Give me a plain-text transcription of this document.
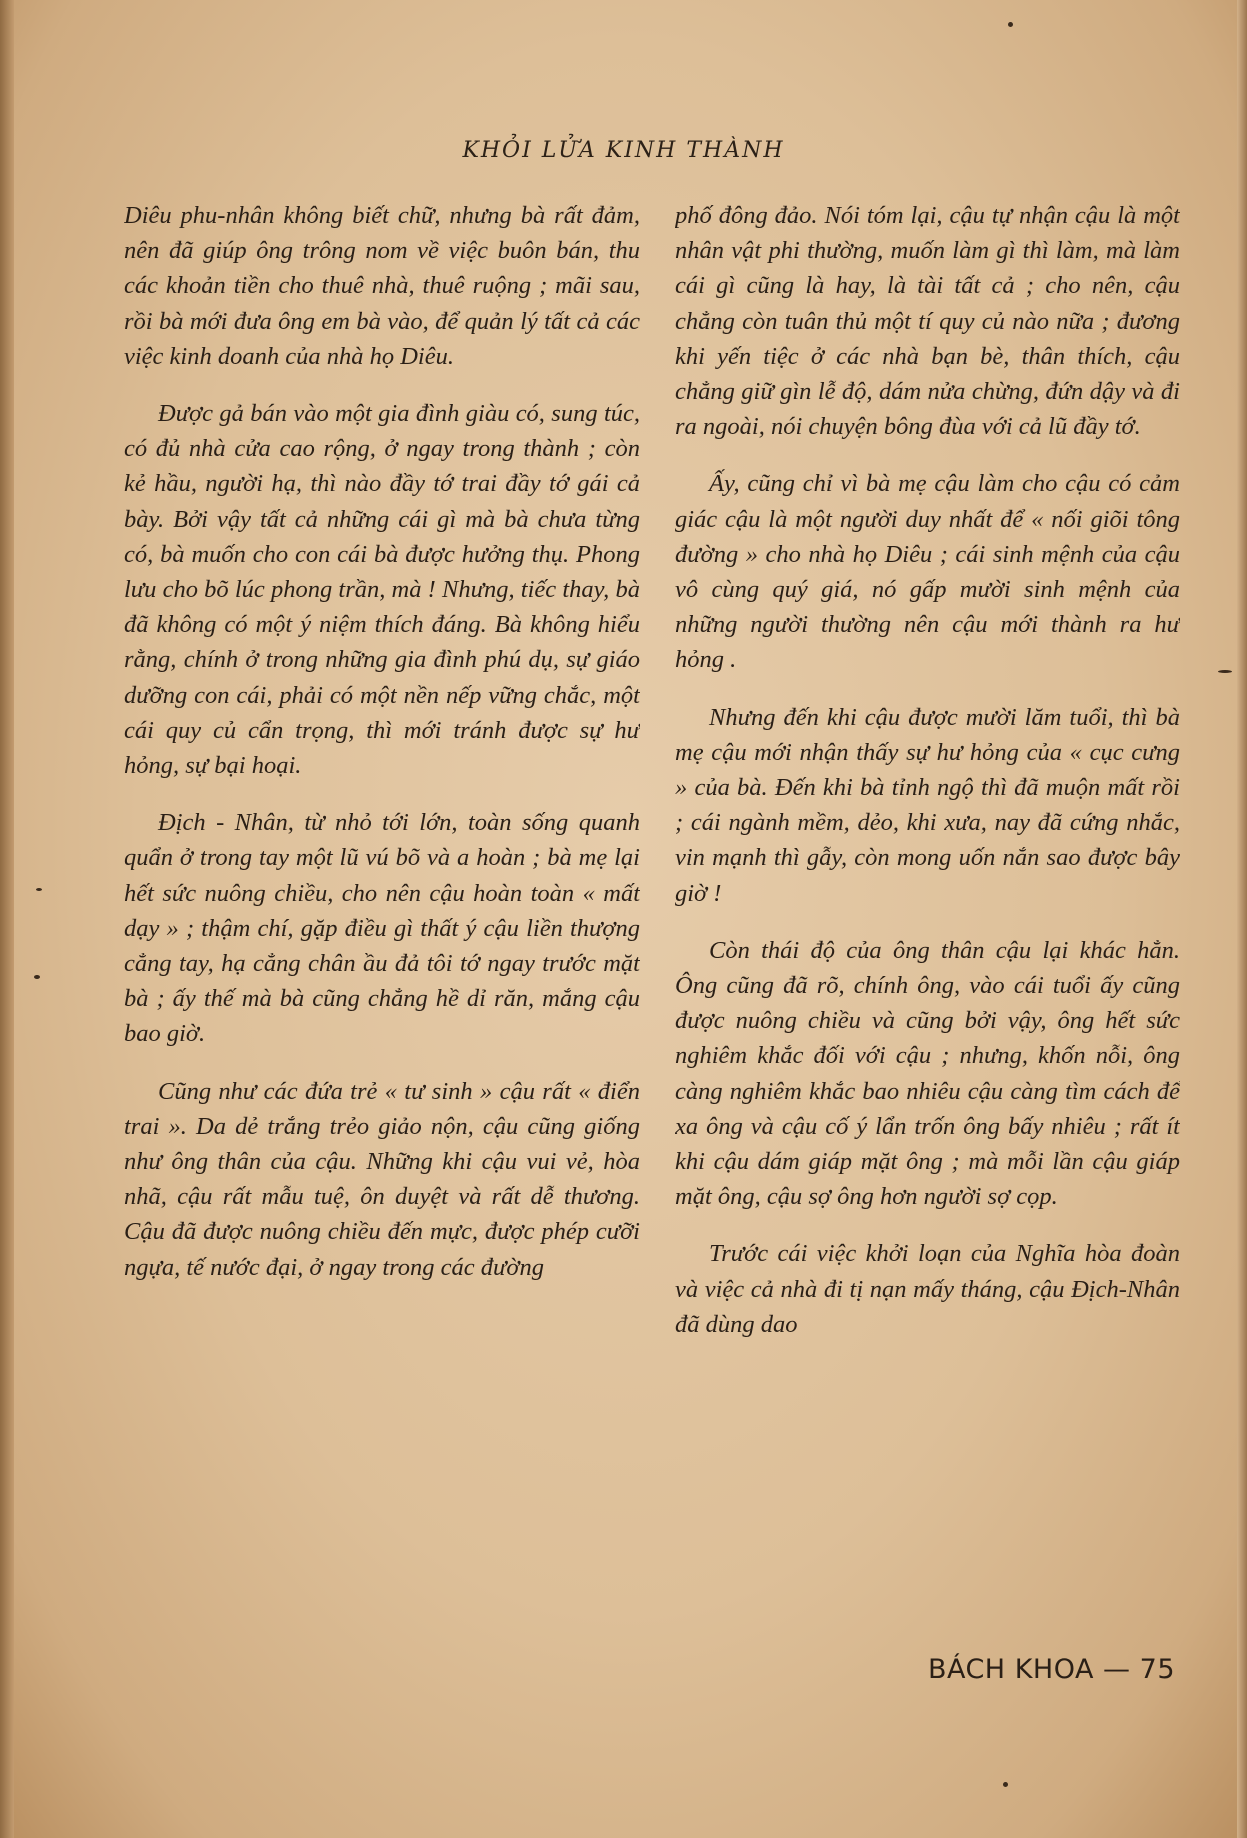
KHỎI LỬA KINH THÀNH

Diêu phu-nhân không biết chữ, nhưng bà rất đảm, nên đã giúp ông trông nom về việc buôn bán, thu các khoản tiền cho thuê nhà, thuê ruộng ; mãi sau, rồi bà mới đưa ông em bà vào, để quản lý tất cả các việc kinh doanh của nhà họ Diêu.

Được gả bán vào một gia đình giàu có, sung túc, có đủ nhà cửa cao rộng, ở ngay trong thành ; còn kẻ hầu, người hạ, thì nào đầy tớ trai đầy tớ gái cả bày. Bởi vậy tất cả những cái gì mà bà chưa từng có, bà muốn cho con cái bà được hưởng thụ. Phong lưu cho bõ lúc phong trần, mà ! Nhưng, tiếc thay, bà đã không có một ý niệm thích đáng. Bà không hiểu rằng, chính ở trong những gia đình phú dụ, sự giáo dưỡng con cái, phải có một nền nếp vững chắc, một cái quy củ cẩn trọng, thì mới tránh được sự hư hỏng, sự bại hoại.

Địch - Nhân, từ nhỏ tới lớn, toàn sống quanh quẩn ở trong tay một lũ vú bõ và a hoàn ; bà mẹ lại hết sức nuông chiều, cho nên cậu hoàn toàn « mất dạy » ; thậm chí, gặp điều gì thất ý cậu liền thượng cẳng tay, hạ cẳng chân ầu đả tôi tớ ngay trước mặt bà ; ấy thế mà bà cũng chẳng hề dỉ răn, mắng cậu bao giờ.

Cũng như các đứa trẻ « tư sinh » cậu rất « điển trai ». Da dẻ trắng trẻo giảo nộn, cậu cũng giống như ông thân của cậu. Những khi cậu vui vẻ, hòa nhã, cậu rất mẫu tuệ, ôn duyệt và rất dễ thương. Cậu đã được nuông chiều đến mực, được phép cưỡi ngựa, tế nước đại, ở ngay trong các đường

phố đông đảo. Nói tóm lại, cậu tự nhận cậu là một nhân vật phi thường, muốn làm gì thì làm, mà làm cái gì cũng là hay, là tài tất cả ; cho nên, cậu chẳng còn tuân thủ một tí quy củ nào nữa ; đương khi yến tiệc ở các nhà bạn bè, thân thích, cậu chẳng giữ gìn lễ độ, dám nửa chừng, đứn dậy và đi ra ngoài, nói chuyện bông đùa với cả lũ đầy tớ.

Ấy, cũng chỉ vì bà mẹ cậu làm cho cậu có cảm giác cậu là một người duy nhất để « nối giõi tông đường » cho nhà họ Diêu ; cái sinh mệnh của cậu vô cùng quý giá, nó gấp mười sinh mệnh của những người thường nên cậu mới thành ra hư hỏng .

Nhưng đến khi cậu được mười lăm tuổi, thì bà mẹ cậu mới nhận thấy sự hư hỏng của « cục cưng » của bà. Đến khi bà tỉnh ngộ thì đã muộn mất rồi ; cái ngành mềm, dẻo, khi xưa, nay đã cứng nhắc, vin mạnh thì gẫy, còn mong uốn nắn sao được bây giờ !

Còn thái độ của ông thân cậu lại khác hẳn. Ông cũng đã rõ, chính ông, vào cái tuổi ấy cũng được nuông chiều và cũng bởi vậy, ông hết sức nghiêm khắc đối với cậu ; nhưng, khốn nỗi, ông càng nghiêm khắc bao nhiêu cậu càng tìm cách để xa ông và cậu cố ý lẩn trốn ông bấy nhiêu ; rất ít khi cậu dám giáp mặt ông ; mà mỗi lần cậu giáp mặt ông, cậu sợ ông hơn người sợ cọp.

Trước cái việc khởi loạn của Nghĩa hòa đoàn và việc cả nhà đi tị nạn mấy tháng, cậu Địch-Nhân đã dùng dao

BÁCH KHOA — 75
